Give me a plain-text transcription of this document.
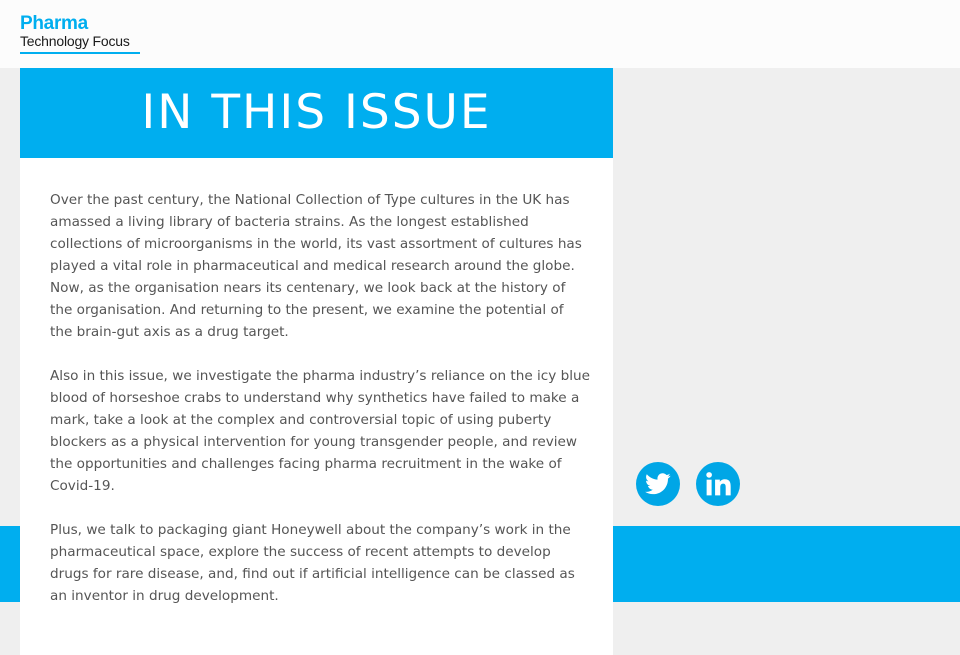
Pharma
Technology Focus
IN THIS ISSUE

Over the past century, the National Collection of Type cultures in the UK has amassed a living library of bacteria strains. As the longest established collections of microorganisms in the world, its vast assortment of cultures has played a vital role in pharmaceutical and medical research around the globe. Now, as the organisation nears its centenary, we look back at the history of the organisation. And returning to the present, we examine the potential of the brain-gut axis as a drug target.

Also in this issue, we investigate the pharma industry’s reliance on the icy blue blood of horseshoe crabs to understand why synthetics have failed to make a mark, take a look at the complex and controversial topic of using puberty blockers as a physical intervention for young transgender people, and review the opportunities and challenges facing pharma recruitment in the wake of Covid-19.

Plus, we talk to packaging giant Honeywell about the company’s work in the pharmaceutical space, explore the success of recent attempts to develop drugs for rare disease, and, find out if artificial intelligence can be classed as an inventor in drug development.
